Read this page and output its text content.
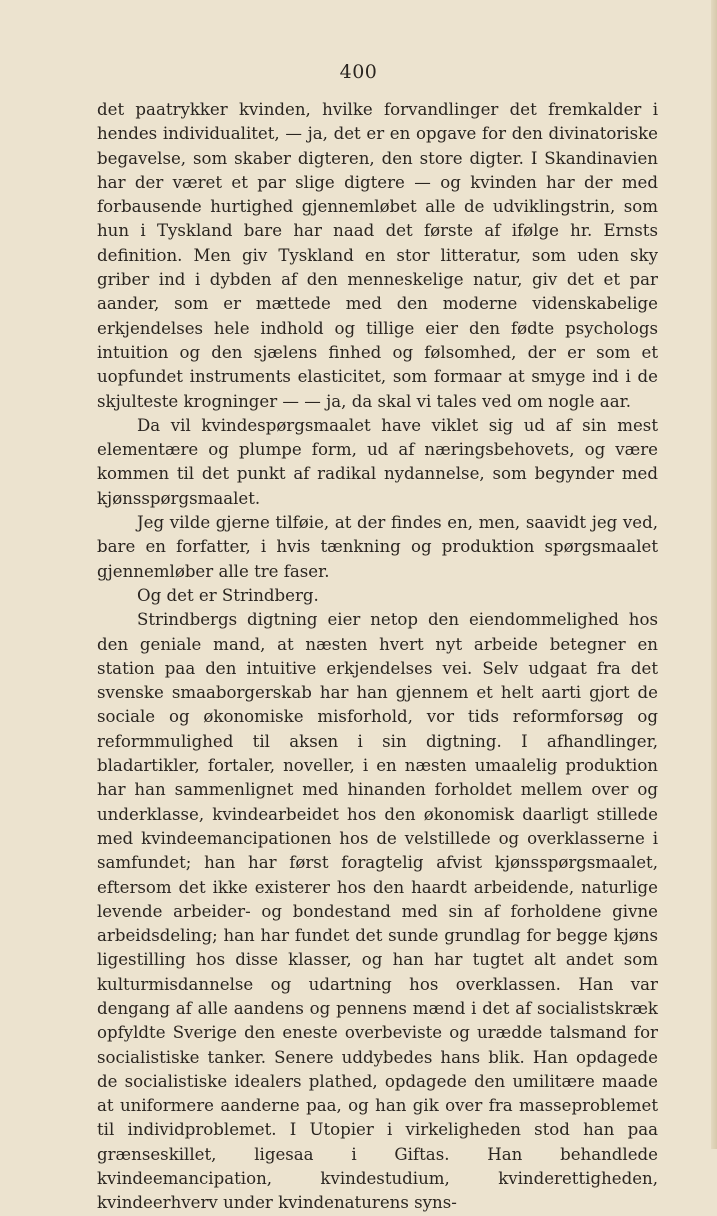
400

det paatrykker kvinden, hvilke forvandlinger det fremkalder i hendes individualitet, — ja, det er en opgave for den divinatoriske begavelse, som skaber digteren, den store digter. I Skandinavien har der været et par slige digtere — og kvinden har der med forbausende hurtighed gjennemløbet alle de udviklingstrin, som hun i Tyskland bare har naad det første af ifølge hr. Ernsts definition. Men giv Tyskland en stor litteratur, som uden sky griber ind i dybden af den menneskelige natur, giv det et par aander, som er mættede med den moderne videnskabelige erkjendelses hele indhold og tillige eier den fødte psychologs intuition og den sjælens finhed og følsomhed, der er som et uopfundet instruments elasticitet, som formaar at smyge ind i de skjulteste krogninger — — ja, da skal vi tales ved om nogle aar.

Da vil kvindespørgsmaalet have viklet sig ud af sin mest elementære og plumpe form, ud af næringsbehovets, og være kommen til det punkt af radikal nydannelse, som begynder med kjønsspørgsmaalet.

Jeg vilde gjerne tilføie, at der findes en, men, saavidt jeg ved, bare en forfatter, i hvis tænkning og produktion spørgsmaalet gjennemløber alle tre faser.

Og det er Strindberg.

Strindbergs digtning eier netop den eiendommelighed hos den geniale mand, at næsten hvert nyt arbeide betegner en station paa den intuitive erkjendelses vei. Selv udgaat fra det svenske smaaborgerskab har han gjennem et helt aarti gjort de sociale og økonomiske misforhold, vor tids reformforsøg og reformmulighed til aksen i sin digtning. I afhandlinger, bladartikler, fortaler, noveller, i en næsten umaalelig produktion har han sammenlignet med hinanden forholdet mellem over og underklasse, kvindearbeidet hos den økonomisk daarligt stillede med kvindeemancipationen hos de velstillede og overklasserne i samfundet; han har først foragtelig afvist kjønsspørgsmaalet, eftersom det ikke existerer hos den haardt arbeidende, naturlige levende arbeider- og bondestand med sin af forholdene givne arbeidsdeling; han har fundet det sunde grundlag for begge kjøns ligestilling hos disse klasser, og han har tugtet alt andet som kulturmisdannelse og udartning hos overklassen. Han var dengang af alle aandens og pennens mænd i det af socialistskræk opfyldte Sverige den eneste overbeviste og urædde talsmand for socialistiske tanker. Senere uddybedes hans blik. Han opdagede de socialistiske idealers plathed, opdagede den umilitære maade at uniformere aanderne paa, og han gik over fra masseproblemet til individproblemet. I Utopier i virkeligheden stod han paa grænseskillet, ligesaa i Giftas. Han behandlede kvindeemancipation, kvindestudium, kvinderettigheden, kvindeerhverv under kvindenaturens syns-
